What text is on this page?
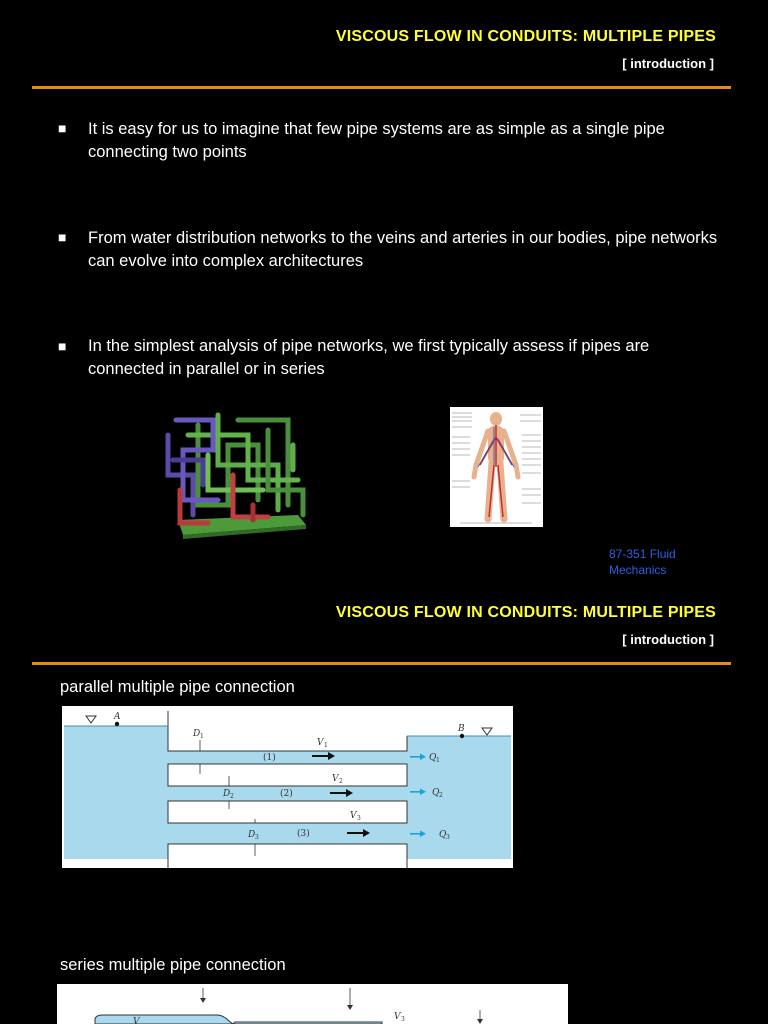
VISCOUS FLOW IN CONDUITS: MULTIPLE PIPES
[ introduction ]
■ It is easy for us to imagine that few pipe systems are as simple as a single pipe connecting two points
■ From water distribution networks to the veins and arteries in our bodies, pipe networks can evolve into complex architectures
■ In the simplest analysis of pipe networks, we first typically assess if pipes are connected in parallel or in series
87-351 Fluid
Mechanics
VISCOUS FLOW IN CONDUITS: MULTIPLE PIPES
[ introduction ]
parallel multiple pipe connection
A
B
D 1
D 2
D 3
V 1
V 2
V 3
(1)
(2)
(3)
Q 1
Q 2
Q 3
series multiple pipe connection
V 3
V
